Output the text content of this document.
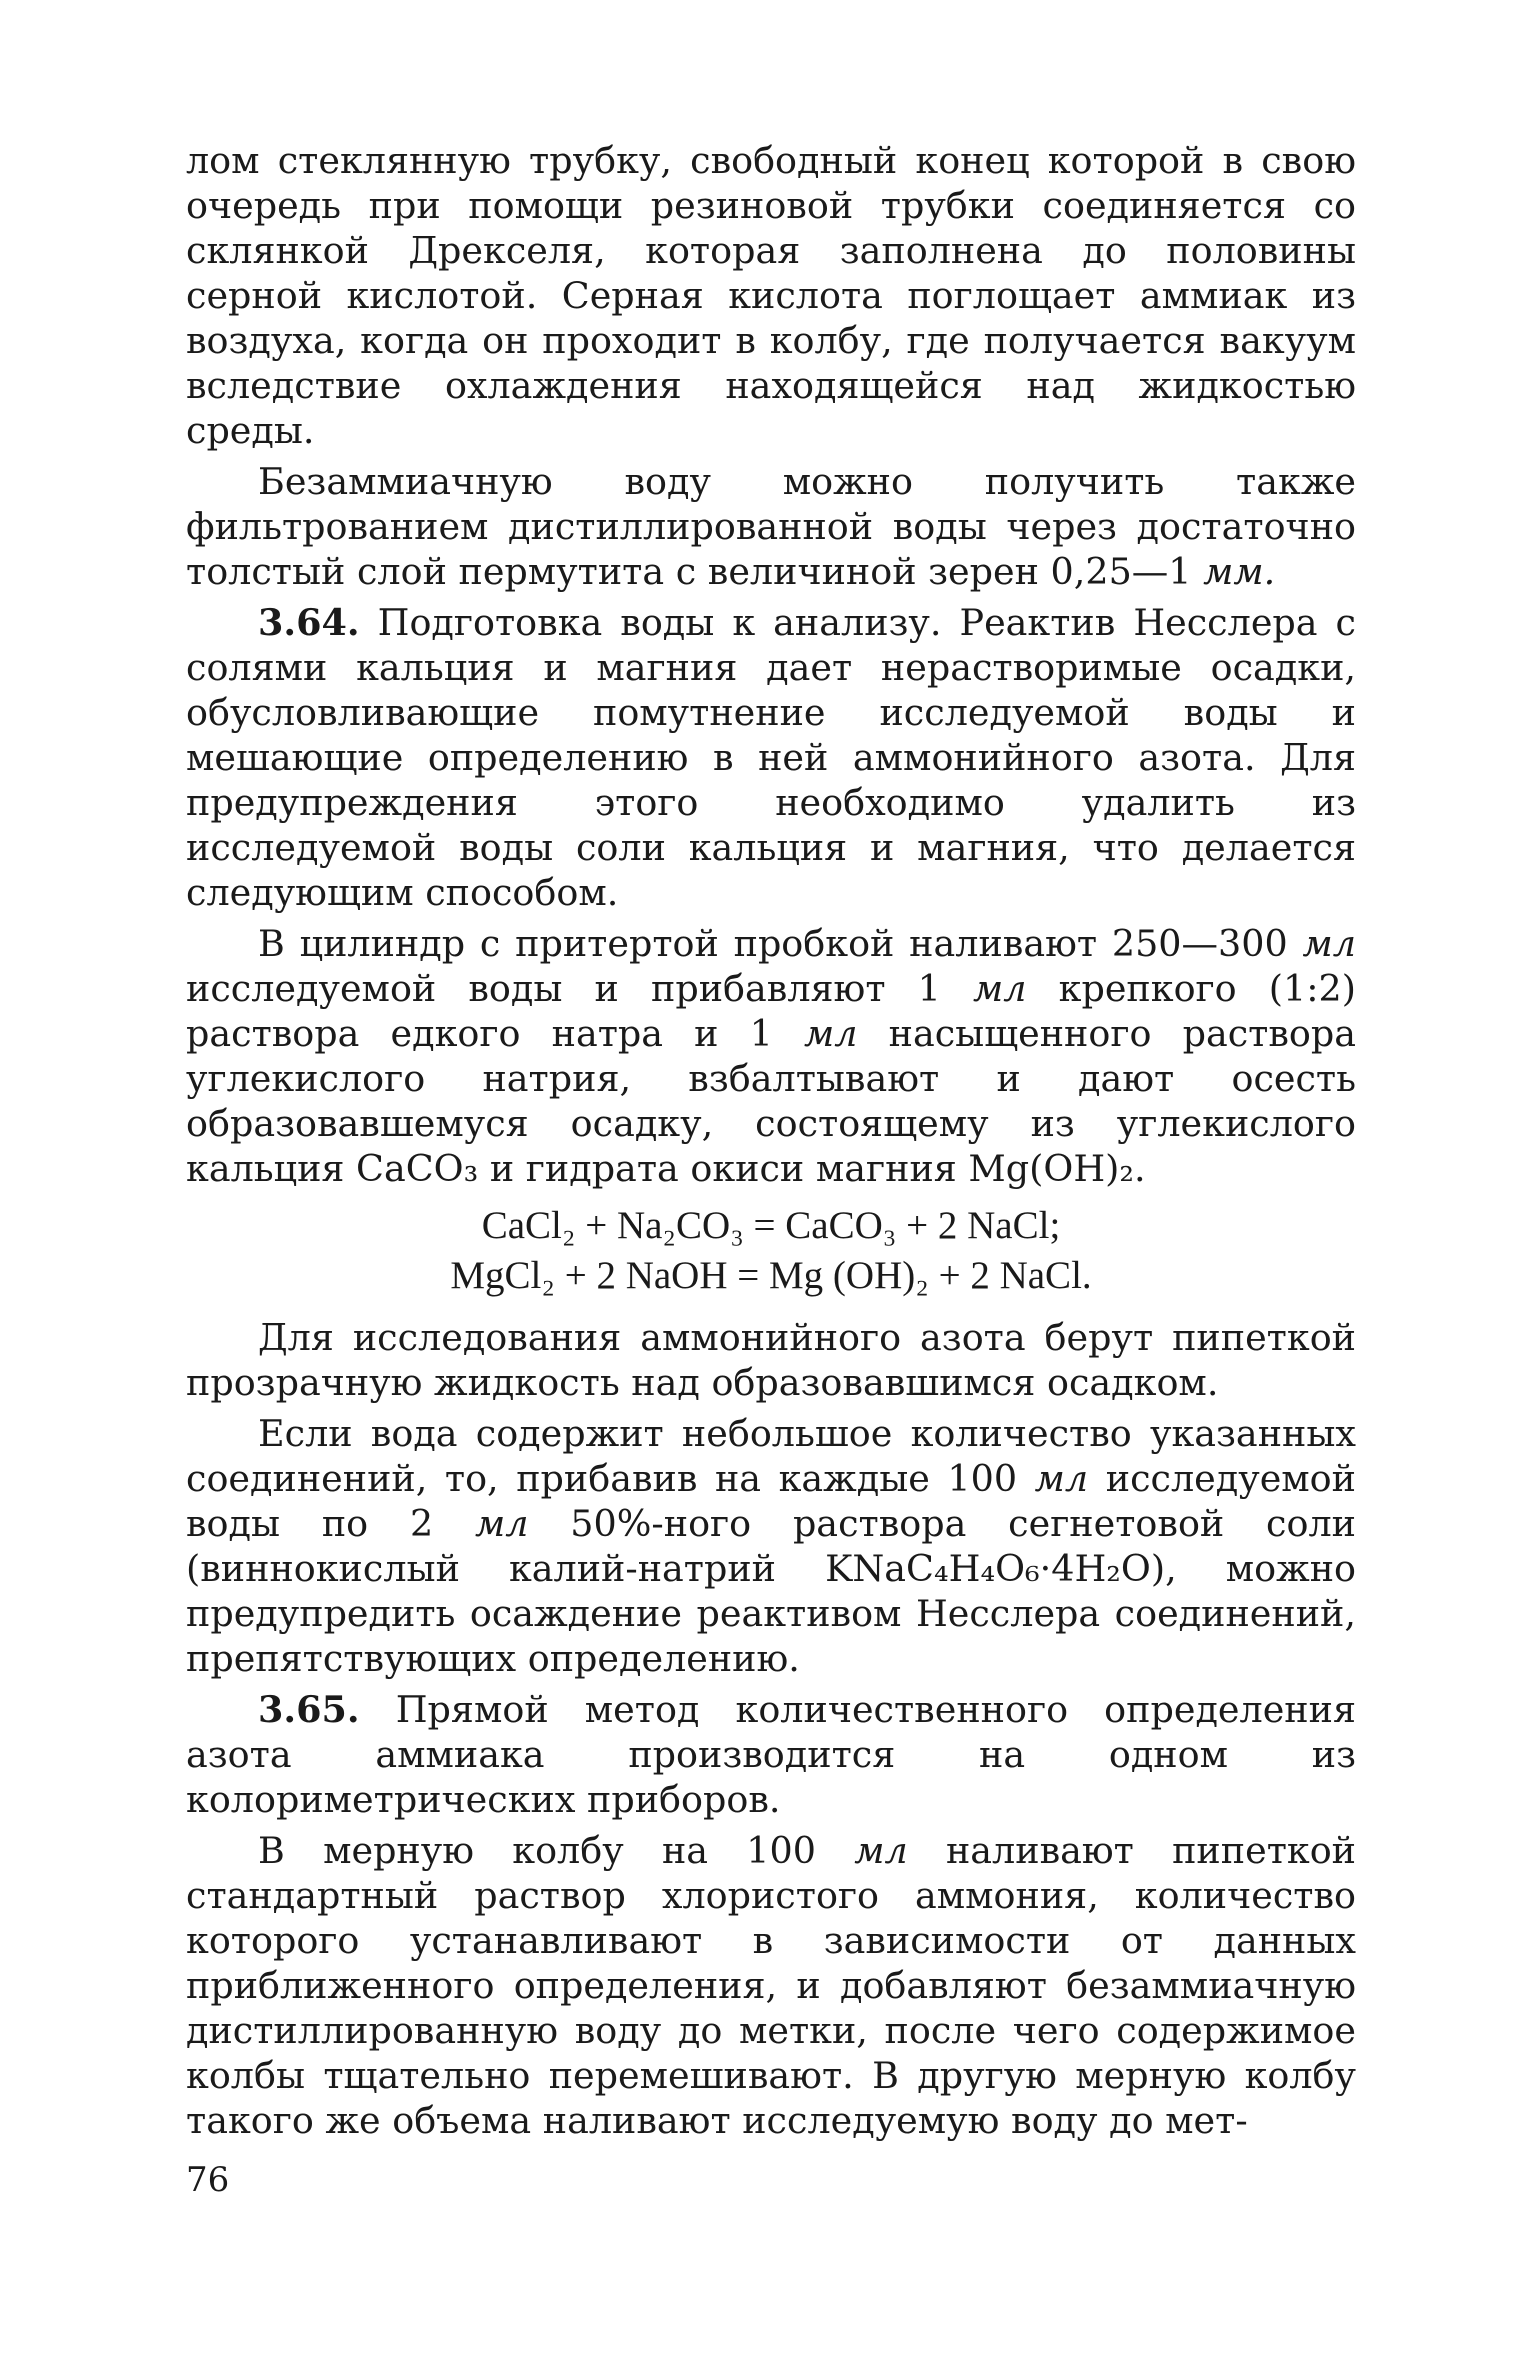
лом стеклянную трубку, свободный конец которой в свою очередь при помощи резиновой трубки соединяется со склянкой Дрекселя, которая заполнена до половины серной кислотой. Серная кислота поглощает аммиак из воздуха, когда он проходит в колбу, где получается вакуум вследствие охлаждения находящейся над жидкостью среды.

Безаммиачную воду можно получить также фильтрованием дистиллированной воды через достаточно толстый слой пермутита с величиной зерен 0,25—1 мм.

3.64. Подготовка воды к анализу. Реактив Несслера с солями кальция и магния дает нерастворимые осадки, обусловливающие помутнение исследуемой воды и мешающие определению в ней аммонийного азота. Для предупреждения этого необходимо удалить из исследуемой воды соли кальция и магния, что делается следующим способом.

В цилиндр с притертой пробкой наливают 250—300 мл исследуемой воды и прибавляют 1 мл крепкого (1:2) раствора едкого натра и 1 мл насыщенного раствора углекислого натрия, взбалтывают и дают осесть образовавшемуся осадку, состоящему из углекислого кальция CaCO₃ и гидрата окиси магния Mg(OH)₂.

CaCl₂ + Na₂CO₃ = CaCO₃ + 2 NaCl;
MgCl₂ + 2 NaOH = Mg (OH)₂ + 2 NaCl.

Для исследования аммонийного азота берут пипеткой прозрачную жидкость над образовавшимся осадком.

Если вода содержит небольшое количество указанных соединений, то, прибавив на каждые 100 мл исследуемой воды по 2 мл 50%-ного раствора сегнетовой соли (виннокислый калий-натрий KNaC₄H₄O₆·4H₂O), можно предупредить осаждение реактивом Несслера соединений, препятствующих определению.

3.65. Прямой метод количественного определения азота аммиака производится на одном из колориметрических приборов.

В мерную колбу на 100 мл наливают пипеткой стандартный раствор хлористого аммония, количество которого устанавливают в зависимости от данных приближенного определения, и добавляют безаммиачную дистиллированную воду до метки, после чего содержимое колбы тщательно перемешивают. В другую мерную колбу такого же объема наливают исследуемую воду до мет-

76
